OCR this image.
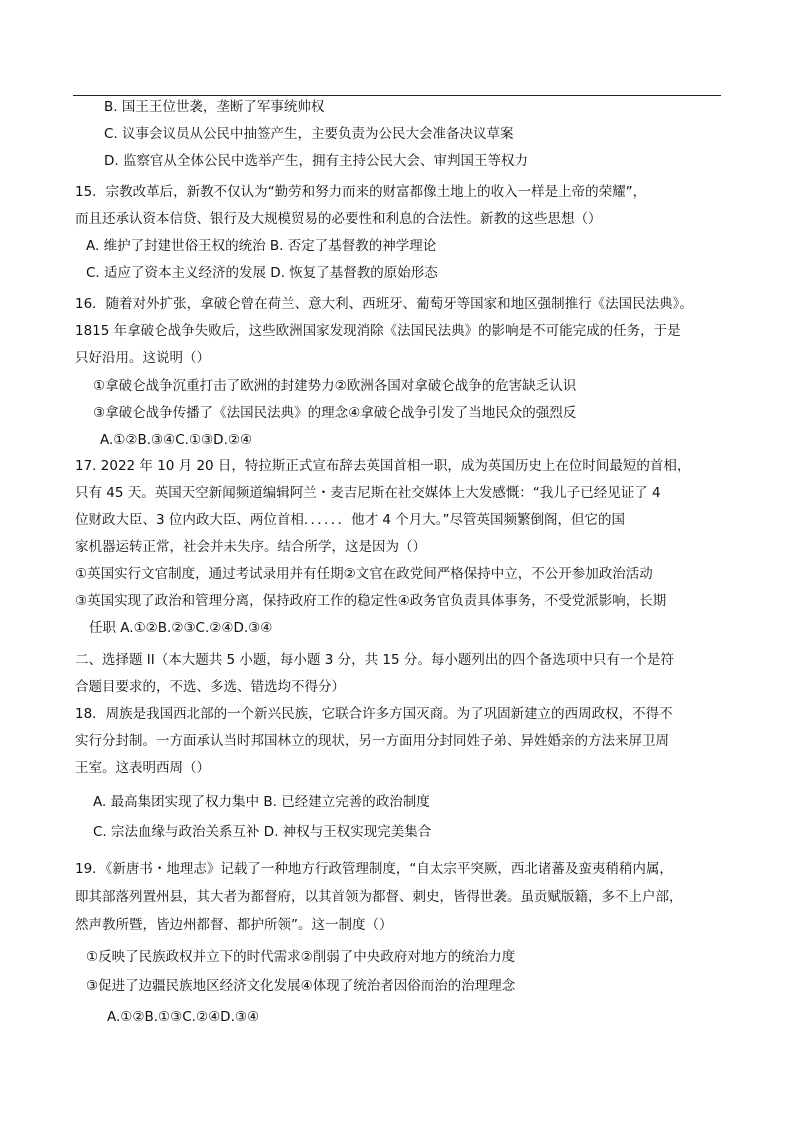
B. 国王王位世袭，垄断了军事统帅权
C. 议事会议员从公民中抽签产生，主要负责为公民大会准备决议草案
D. 监察官从全体公民中选举产生，拥有主持公民大会、审判国王等权力
15．宗教改革后，新教不仅认为“勤劳和努力而来的财富都像土地上的收入一样是上帝的荣耀”，
而且还承认资本信贷、银行及大规模贸易的必要性和利息的合法性。新教的这些思想（）
A. 维护了封建世俗王权的统治 B. 否定了基督教的神学理论
C. 适应了资本主义经济的发展 D. 恢复了基督教的原始形态
16．随着对外扩张，拿破仑曾在荷兰、意大利、西班牙、葡萄牙等国家和地区强制推行《法国民法典》。
1815 年拿破仑战争失败后，这些欧洲国家发现消除《法国民法典》的影响是不可能完成的任务，于是
只好沿用。这说明（）
①拿破仑战争沉重打击了欧洲的封建势力②欧洲各国对拿破仑战争的危害缺乏认识
③拿破仑战争传播了《法国民法典》的理念④拿破仑战争引发了当地民众的强烈反
A.①②B.③④C.①③D.②④
17. 2022 年 10 月 20 日，特拉斯正式宣布辞去英国首相一职，成为英国历史上在位时间最短的首相，
只有 45 天。英国天空新闻频道编辑阿兰・麦吉尼斯在社交媒体上大发感慨：“我儿子已经见证了 4
位财政大臣、3 位内政大臣、两位首相．．．．．．他才 4 个月大。”尽管英国频繁倒阁，但它的国
家机器运转正常，社会并未失序。结合所学，这是因为（）
①英国实行文官制度，通过考试录用并有任期②文官在政党间严格保持中立，不公开参加政治活动
③英国实现了政治和管理分离，保持政府工作的稳定性④政务官负责具体事务，不受党派影响，长期
任职 A.①②B.②③C.②④D.③④
二、选择题 II（本大题共 5 小题，每小题 3 分，共 15 分。每小题列出的四个备选项中只有一个是符
合题目要求的，不选、多选、错选均不得分）
18．周族是我国西北部的一个新兴民族，它联合许多方国灭商。为了巩固新建立的西周政权，不得不
实行分封制。一方面承认当时邦国林立的现状，另一方面用分封同姓子弟、异姓婚亲的方法来屏卫周
王室。这表明西周（）
A. 最高集团实现了权力集中 B. 已经建立完善的政治制度
C. 宗法血缘与政治关系互补 D. 神权与王权实现完美集合
19．《新唐书・地理志》记载了一种地方行政管理制度，“自太宗平突厥，西北诸蕃及蛮夷稍稍内属，
即其部落列置州县，其大者为都督府，以其首领为都督、刺史，皆得世袭。虽贡赋版籍，多不上户部，
然声教所暨，皆边州都督、都护所领”。这一制度（）
①反映了民族政权并立下的时代需求②削弱了中央政府对地方的统治力度
③促进了边疆民族地区经济文化发展④体现了统治者因俗而治的治理理念
A.①②B.①③C.②④D.③④
